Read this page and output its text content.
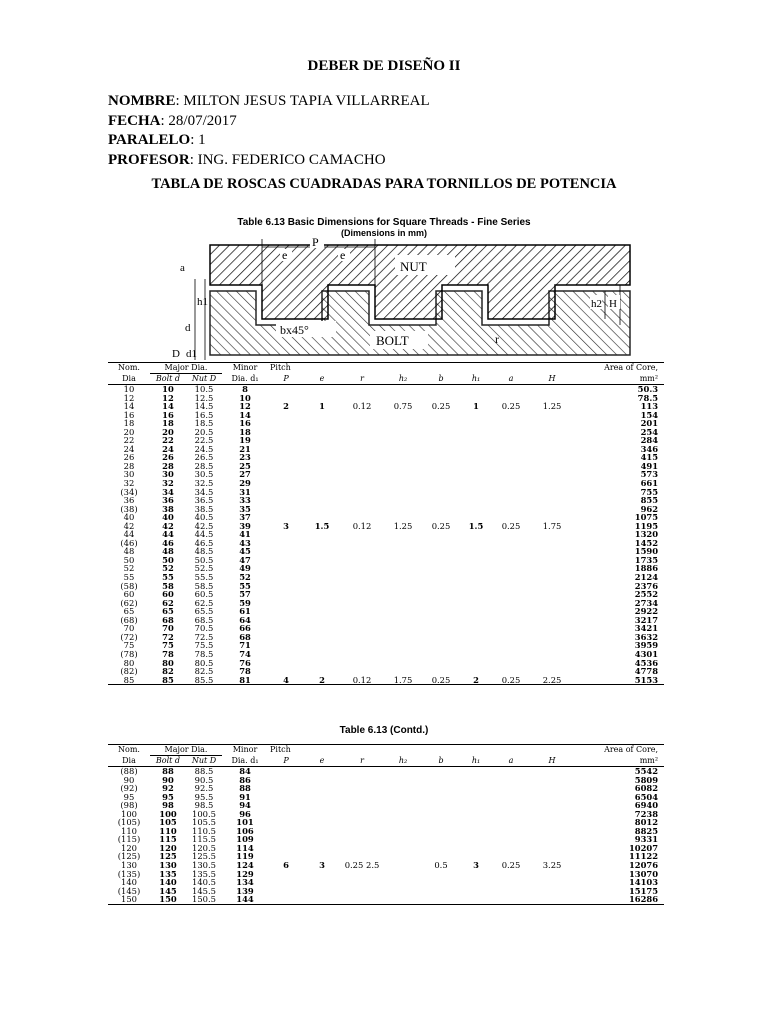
DEBER DE DISEÑO II
NOMBRE: MILTON JESUS TAPIA VILLARREAL
FECHA: 28/07/2017
PARALELO: 1
PROFESOR: ING. FEDERICO CAMACHO
TABLA DE ROSCAS CUADRADAS PARA TORNILLOS DE POTENCIA
Table 6.13 Basic Dimensions for Square Threads - Fine Series
(Dimensions in mm)
NUT
BOLT
bx45°
r
P
e	e
a
h1
d
D d1
h2 H
Nom.	Major Dia.		Minor	Pitch								Area of Core,
Dia	Bolt d	Nut D	Dia. d₁	P	e	r	h₂	b	h₁	a	H	mm²
10	10	10.5	8									50.3
12	12	12.5	10									78.5
14	14	14.5	12	2	1	0.12	0.75	0.25	1	0.25	1.25	113
16	16	16.5	14									154
18	18	18.5	16									201
20	20	20.5	18									254
22	22	22.5	19									284
24	24	24.5	21									346
26	26	26.5	23									415
28	28	28.5	25									491
30	30	30.5	27									573
32	32	32.5	29									661
(34)	34	34.5	31									755
36	36	36.5	33									855
(38)	38	38.5	35									962
40	40	40.5	37									1075
42	42	42.5	39	3	1.5	0.12	1.25	0.25	1.5	0.25	1.75	1195
44	44	44.5	41									1320
(46)	46	46.5	43									1452
48	48	48.5	45									1590
50	50	50.5	47									1735
52	52	52.5	49									1886
55	55	55.5	52									2124
(58)	58	58.5	55									2376
60	60	60.5	57									2552
(62)	62	62.5	59									2734
65	65	65.5	61									2922
(68)	68	68.5	64									3217
70	70	70.5	66									3421
(72)	72	72.5	68									3632
75	75	75.5	71									3959
(78)	78	78.5	74									4301
80	80	80.5	76									4536
(82)	82	82.5	78									4778
85	85	85.5	81	4	2	0.12	1.75	0.25	2	0.25	2.25	5153
Table 6.13 (Contd.)
Nom.	Major Dia.		Minor	Pitch								Area of Core,
Dia	Bolt d	Nut D	Dia. d₁	P	e	r	h₂	b	h₁	a	H	mm²
(88)	88	88.5	84									5542
90	90	90.5	86									5809
(92)	92	92.5	88									6082
95	95	95.5	91									6504
(98)	98	98.5	94									6940
100	100	100.5	96									7238
(105)	105	105.5	101									8012
110	110	110.5	106									8825
(115)	115	115.5	109									9331
120	120	120.5	114									10207
(125)	125	125.5	119									11122
130	130	130.5	124	6	3	0.25 2.5		0.5	3	0.25	3.25	12076
(135)	135	135.5	129									13070
140	140	140.5	134									14103
(145)	145	145.5	139									15175
150	150	150.5	144									16286
